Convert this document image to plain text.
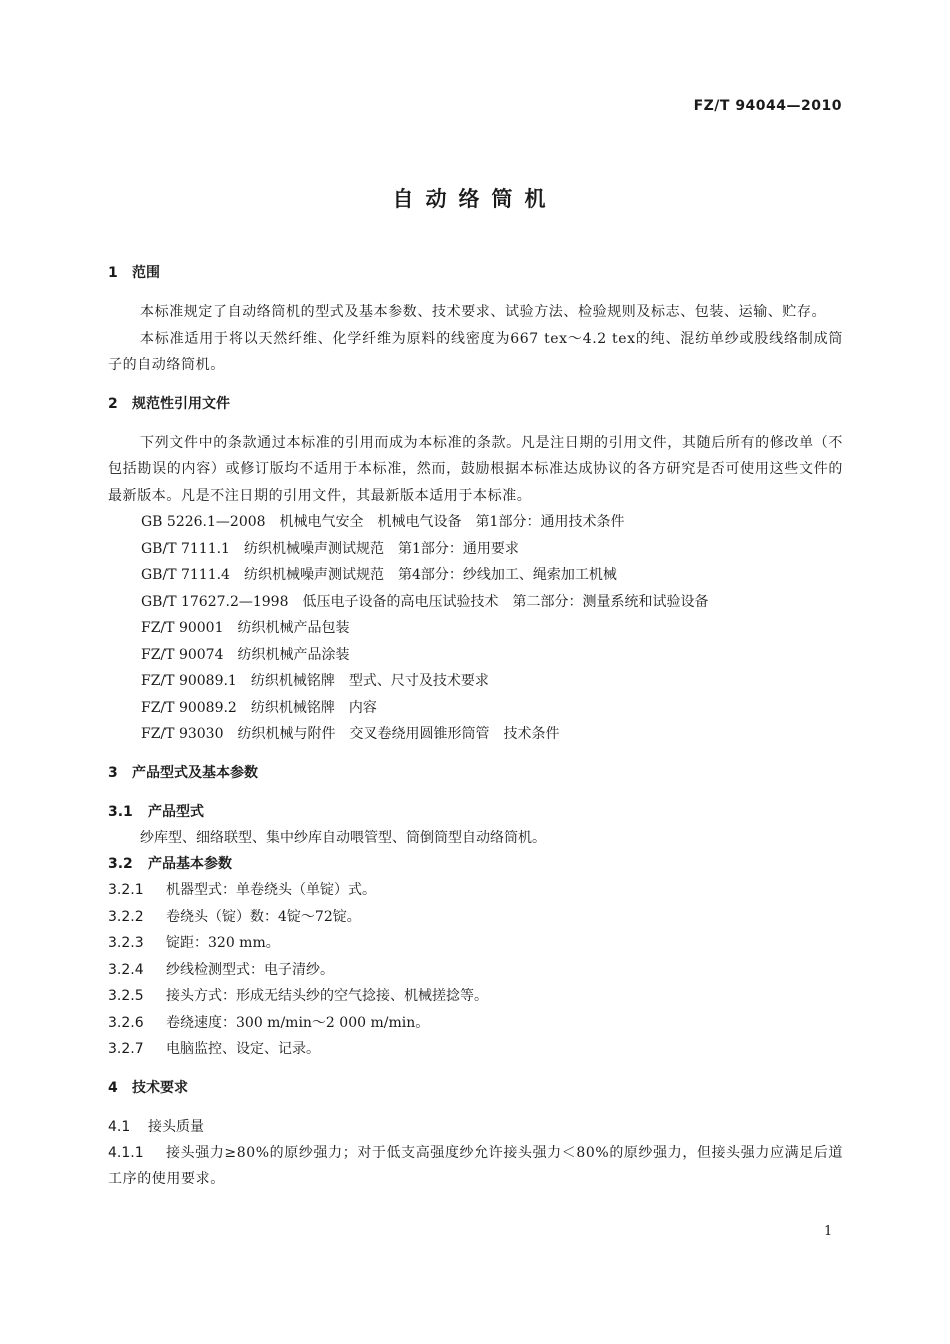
FZ/T 94044—2010
自动络筒机
1 范围

本标准规定了自动络筒机的型式及基本参数、技术要求、试验方法、检验规则及标志、包装、运输、贮存。

本标准适用于将以天然纤维、化学纤维为原料的线密度为667 tex～4.2 tex的纯、混纺单纱或股线络制成筒子的自动络筒机。

2 规范性引用文件

下列文件中的条款通过本标准的引用而成为本标准的条款。凡是注日期的引用文件，其随后所有的修改单（不包括勘误的内容）或修订版均不适用于本标准，然而，鼓励根据本标准达成协议的各方研究是否可使用这些文件的最新版本。凡是不注日期的引用文件，其最新版本适用于本标准。

GB 5226.1—2008　机械电气安全　机械电气设备　第1部分：通用技术条件
GB/T 7111.1　纺织机械噪声测试规范　第1部分：通用要求
GB/T 7111.4　纺织机械噪声测试规范　第4部分：纱线加工、绳索加工机械
GB/T 17627.2—1998　低压电子设备的高电压试验技术　第二部分：测量系统和试验设备
FZ/T 90001　纺织机械产品包装
FZ/T 90074　纺织机械产品涂装
FZ/T 90089.1　纺织机械铭牌　型式、尺寸及技术要求
FZ/T 90089.2　纺织机械铭牌　内容
FZ/T 93030　纺织机械与附件　交叉卷绕用圆锥形筒管　技术条件
3 产品型式及基本参数
3.1 产品型式

纱库型、细络联型、集中纱库自动喂管型、筒倒筒型自动络筒机。

3.2 产品基本参数
3.2.1 机器型式：单卷绕头（单锭）式。
3.2.2 卷绕头（锭）数：4锭～72锭。
3.2.3 锭距：320 mm。
3.2.4 纱线检测型式：电子清纱。
3.2.5 接头方式：形成无结头纱的空气捻接、机械搓捻等。
3.2.6 卷绕速度：300 m/min～2 000 m/min。
3.2.7 电脑监控、设定、记录。
4 技术要求
4.1 接头质量

4.1.1 接头强力≥80%的原纱强力；对于低支高强度纱允许接头强力＜80%的原纱强力，但接头强力应满足后道工序的使用要求。

1
